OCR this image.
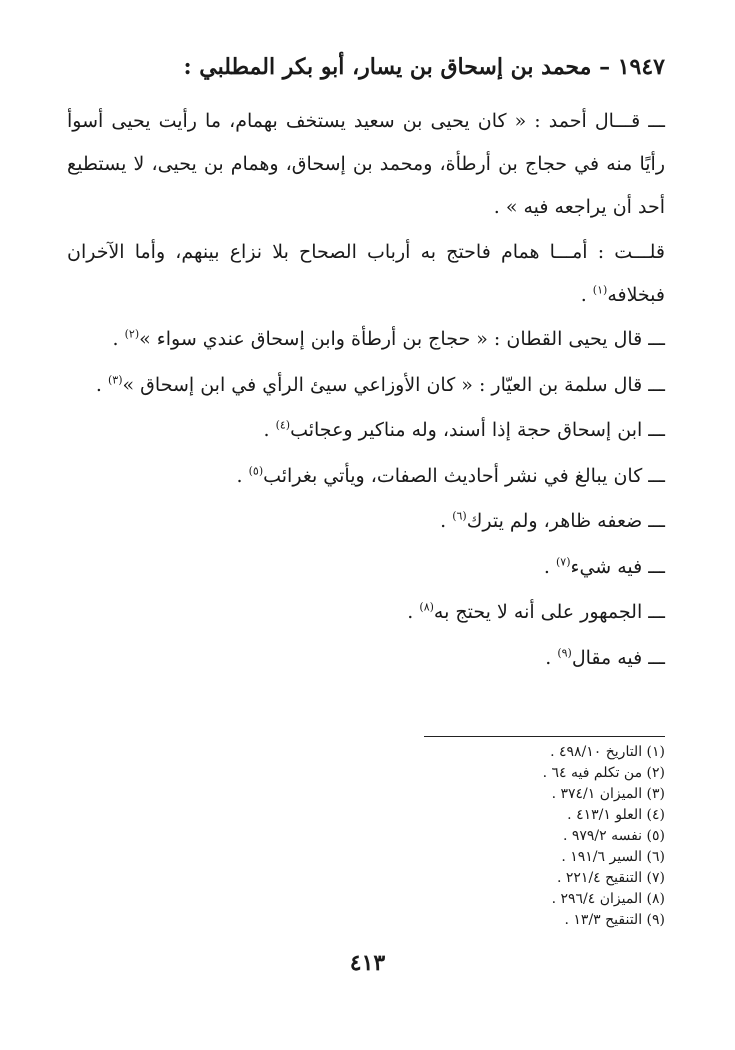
١٩٤٧ – محمد بن إسحاق بن يسار، أبو بكر المطلبي :

ـــ قـــال أحمد : « كان يحيى بن سعيد يستخف بهمام، ما رأيت يحيى أسوأ رأيًا منه في حجاج بن أرطأة، ومحمد بن إسحاق، وهمام بن يحيى، لا يستطيع أحد أن يراجعه فيه » .

قلـــت : أمـــا همام فاحتج به أرباب الصحاح بلا نزاع بينهم، وأما الآخران فبخلافه$^{(١)}$ .

ـــ قال يحيى القطان : « حجاج بن أرطأة وابن إسحاق عندي سواء »$^{(٢)}$ .

ـــ قال سلمة بن العيّار : « كان الأوزاعي سيئ الرأي في ابن إسحاق »$^{(٣)}$ .

ـــ ابن إسحاق حجة إذا أسند، وله مناكير وعجائب$^{(٤)}$ .

ـــ كان يبالغ في نشر أحاديث الصفات، ويأتي بغرائب$^{(٥)}$ .

ـــ ضعفه ظاهر، ولم يترك$^{(٦)}$ .

ـــ فيه شيء$^{(٧)}$ .

ـــ الجمهور على أنه لا يحتج به$^{(٨)}$ .

ـــ فيه مقال$^{(٩)}$ .

(١) التاريخ ٤٩٨/١٠ .

(٢) من تكلم فيه ٦٤ .

(٣) الميزان ٣٧٤/١ .

(٤) العلو ٤١٣/١ .

(٥) نفسه ٩٧٩/٢ .

(٦) السير ١٩١/٦ .

(٧) التنقيح ٢٢١/٤ .

(٨) الميزان ٢٩٦/٤ .

(٩) التنقيح ١٣/٣ .

٤١٣
